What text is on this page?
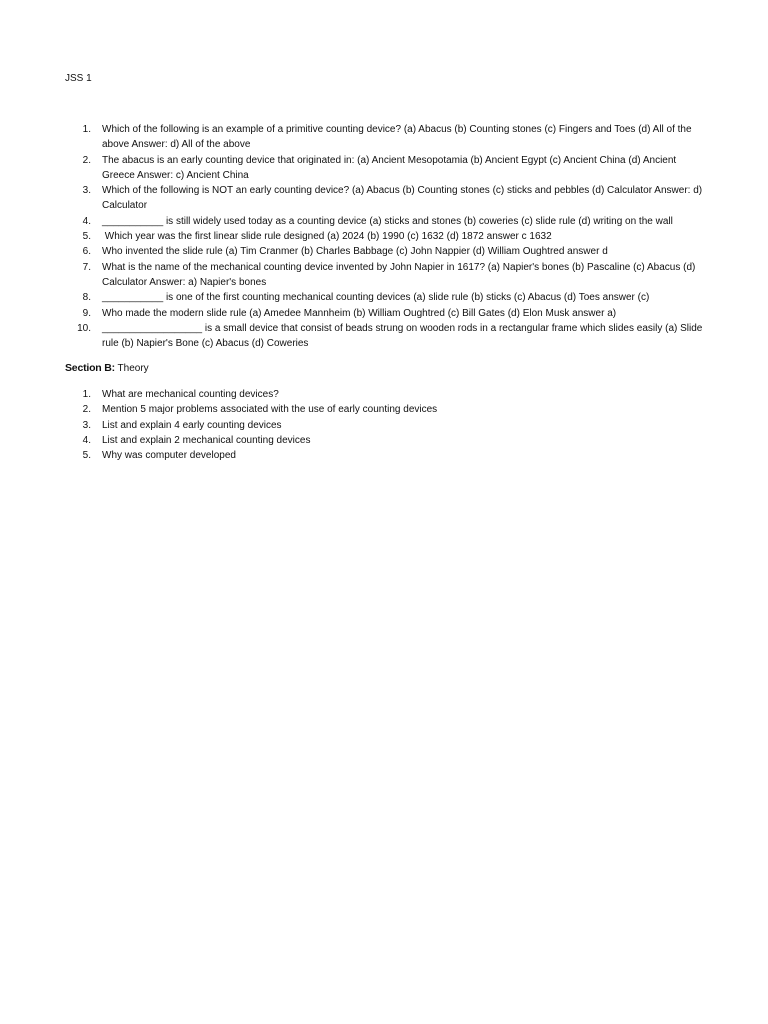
JSS 1
1. Which of the following is an example of a primitive counting device? (a) Abacus (b) Counting stones (c) Fingers and Toes (d) All of the above Answer: d) All of the above
2. The abacus is an early counting device that originated in: (a) Ancient Mesopotamia (b) Ancient Egypt (c) Ancient China (d) Ancient Greece Answer: c) Ancient China
3. Which of the following is NOT an early counting device? (a) Abacus (b) Counting stones (c) sticks and pebbles (d) Calculator Answer: d) Calculator
4. ___________ is still widely used today as a counting device (a) sticks and stones (b) coweries (c) slide rule (d) writing on the wall
5. Which year was the first linear slide rule designed (a) 2024 (b) 1990 (c) 1632 (d) 1872 answer c 1632
6. Who invented the slide rule (a) Tim Cranmer (b) Charles Babbage (c) John Nappier (d) William Oughtred answer d
7. What is the name of the mechanical counting device invented by John Napier in 1617? (a) Napier's bones (b) Pascaline (c) Abacus (d) Calculator Answer: a) Napier's bones
8. ___________ is one of the first counting mechanical counting devices (a) slide rule (b) sticks (c) Abacus (d) Toes answer (c)
9. Who made the modern slide rule (a) Amedee Mannheim (b) William Oughtred (c) Bill Gates (d) Elon Musk answer a)
10. __________________ is a small device that consist of beads strung on wooden rods in a rectangular frame which slides easily (a) Slide rule (b) Napier's Bone (c) Abacus (d) Coweries
Section B: Theory
1. What are mechanical counting devices?
2. Mention 5 major problems associated with the use of early counting devices
3. List and explain 4 early counting devices
4. List and explain 2 mechanical counting devices
5. Why was computer developed
